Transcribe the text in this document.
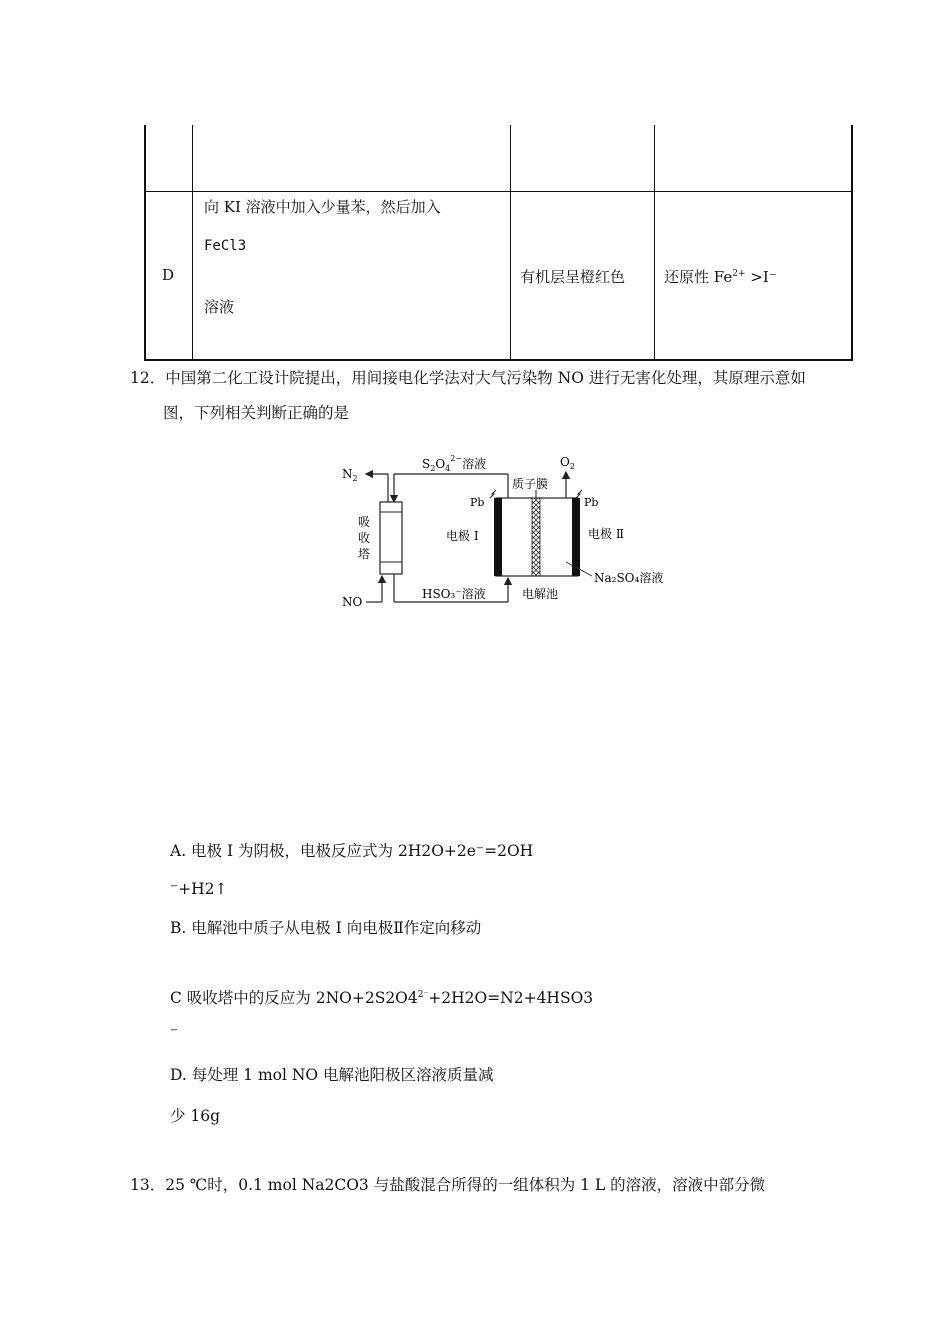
D
向 KI 溶液中加入少量苯，然后加入
FeCl3
溶液
有机层呈橙红色	还原性 $Fe^{2+} >I^-$
12．中国第二化工设计院提出，用间接电化学法对大气污染物 NO 进行无害化处理，其原理示意如
图，下列相关判断正确的是
$N_2$
$S_2O_4^{2-}$溶液
吸
收
塔
NO
HSO₃⁻溶液
Pb	Pb
质子膜
$O_2$
电极 Ⅰ	电极 Ⅱ
Na₂SO₄溶液
电解池
A. 电极 I 为阴极，电极反应式为 2H2O+2e⁻=2OH
⁻+H2↑
B. 电解池中质子从电极 I 向电极Ⅱ作定向移动
C 吸收塔中的反应为 $2NO+2S2O4^{2^-}+2H2O=N2+4HSO3$
⁻
D. 每处理 1 mol NO 电解池阳极区溶液质量减
少 16g
13．25 ℃时，0.1 mol Na2CO3 与盐酸混合所得的一组体积为 1 L 的溶液，溶液中部分微
